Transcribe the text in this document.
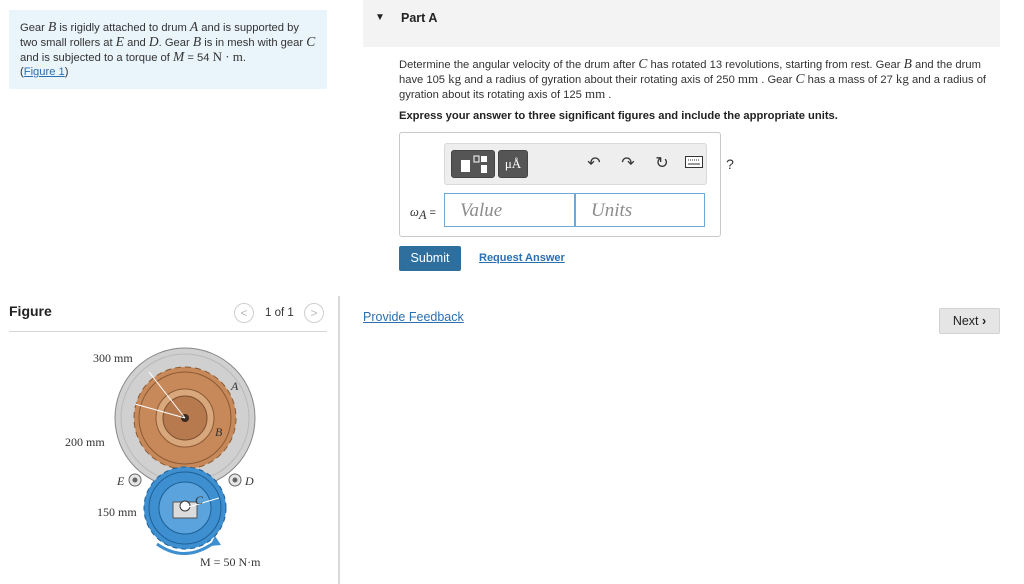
Gear B is rigidly attached to drum A and is supported by two small rollers at E and D. Gear B is in mesh with gear C and is subjected to a torque of M = 54 N · m.
(Figure 1)
Figure	<	1 of 1	>
300 mm
200 mm
150 mm
A
B
C
D
E
M = 50 N·m
▼ Part A
Determine the angular velocity of the drum after C has rotated 13 revolutions, starting from rest. Gear B and the drum have 105 kg and a radius of gyration about their rotating axis of 250 mm . Gear C has a mass of 27 kg and a radius of gyration about its rotating axis of 125 mm .
Express your answer to three significant figures and include the appropriate units.
μÅ	↶ ↷ ↻	?
$\omega_A$ =	Value	Units
Submit	Request Answer
Provide Feedback	Next ›
